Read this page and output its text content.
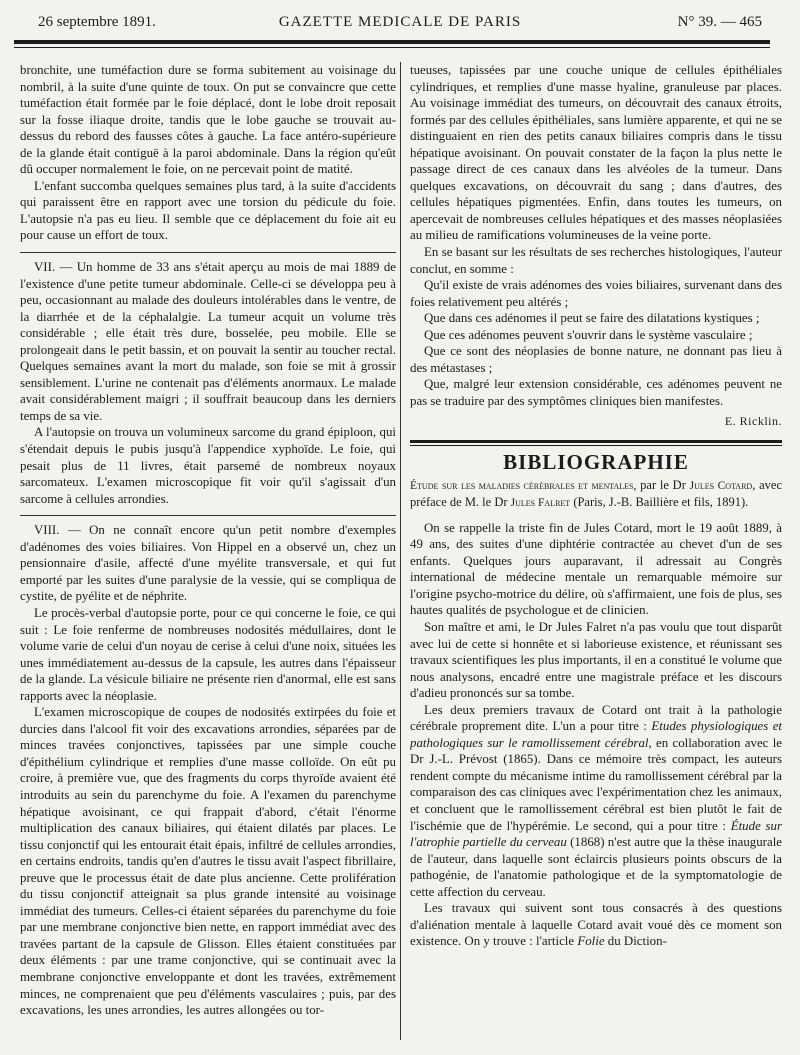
26 septembre 1891.	GAZETTE MEDICALE DE PARIS	N° 39. — 465

bronchite, une tuméfaction dure se forma subitement au voisinage du nombril, à la suite d'une quinte de toux. On put se convaincre que cette tuméfaction était formée par le foie déplacé, dont le lobe droit reposait sur la fosse iliaque droite, tandis que le lobe gauche se trouvait au-dessus du rebord des fausses côtes à gauche. La face antéro-supérieure de la glande était contiguë à la paroi abdominale. Dans la région qu'eût dû occuper normalement le foie, on ne percevait point de matité.

L'enfant succomba quelques semaines plus tard, à la suite d'accidents qui paraissent être en rapport avec une torsion du pédicule du foie. L'autopsie n'a pas eu lieu. Il semble que ce déplacement du foie ait eu pour cause un effort de toux.

VII. — Un homme de 33 ans s'était aperçu au mois de mai 1889 de l'existence d'une petite tumeur abdominale. Celle-ci se développa peu à peu, occasionnant au malade des douleurs intolérables dans le ventre, de la diarrhée et de la céphalalgie. La tumeur acquit un volume très considérable ; elle était très dure, bosselée, peu mobile. Elle se prolongeait dans le petit bassin, et on pouvait la sentir au toucher rectal. Quelques semaines avant la mort du malade, son foie se mit à grossir sensiblement. L'urine ne contenait pas d'éléments anormaux. Le malade avait considérablement maigri ; il souffrait beaucoup dans les derniers temps de sa vie.

A l'autopsie on trouva un volumineux sarcome du grand épiploon, qui s'étendait depuis le pubis jusqu'à l'appendice xyphoïde. Le foie, qui pesait plus de 11 livres, était parsemé de nombreux noyaux sarcomateux. L'examen microscopique fit voir qu'il s'agissait d'un sarcome à cellules arrondies.

VIII. — On ne connaît encore qu'un petit nombre d'exemples d'adénomes des voies biliaires. Von Hippel en a observé un, chez un pensionnaire d'asile, affecté d'une myélite transversale, et qui fut emporté par les suites d'une paralysie de la vessie, qui se compliqua de cystite, de pyélite et de néphrite.

Le procès-verbal d'autopsie porte, pour ce qui concerne le foie, ce qui suit : Le foie renferme de nombreuses nodosités médullaires, dont le volume varie de celui d'un noyau de cerise à celui d'une noix, situées les unes immédiatement au-dessus de la capsule, les autres dans l'épaisseur de la glande. La vésicule biliaire ne présente rien d'anormal, elle est sans rapports avec la néoplasie.

L'examen microscopique de coupes de nodosités extirpées du foie et durcies dans l'alcool fit voir des excavations arrondies, séparées par de minces travées conjonctives, tapissées par une simple couche d'épithélium cylindrique et remplies d'une masse colloïde. On eût pu croire, à première vue, que des fragments du corps thyroïde avaient été introduits au sein du parenchyme du foie. A l'examen du parenchyme hépatique avoisinant, ce qui frappait d'abord, c'était l'énorme multiplication des canaux biliaires, qui étaient dilatés par places. Le tissu conjonctif qui les entourait était épais, infiltré de cellules arrondies, en certains endroits, tandis qu'en d'autres le tissu avait l'aspect fibrillaire, preuve que le processus était de date plus ancienne. Cette prolifération du tissu conjonctif atteignait sa plus grande intensité au voisinage immédiat des tumeurs. Celles-ci étaient séparées du parenchyme du foie par une membrane conjonctive bien nette, en rapport immédiat avec des travées partant de la capsule de Glisson. Elles étaient constituées par deux éléments : par une trame conjonctive, qui se continuait avec la membrane conjonctive enveloppante et dont les travées, extrêmement minces, ne comprenaient que peu d'éléments vasculaires ; puis, par des excavations, les unes arrondies, les autres allongées ou tor-

tueuses, tapissées par une couche unique de cellules épithéliales cylindriques, et remplies d'une masse hyaline, granuleuse par places. Au voisinage immédiat des tumeurs, on découvrait des canaux étroits, formés par des cellules épithéliales, sans lumière apparente, et qui ne se distinguaient en rien des petits canaux biliaires compris dans le tissu hépatique avoisinant. On pouvait constater de la façon la plus nette le passage direct de ces canaux dans les alvéoles de la tumeur. Dans quelques excavations, on découvrait du sang ; dans d'autres, des cellules hépatiques pigmentées. Enfin, dans toutes les tumeurs, on apercevait de nombreuses cellules hépatiques et des masses néoplasiées au milieu de ramifications volumineuses de la veine porte.

En se basant sur les résultats de ses recherches histologiques, l'auteur conclut, en somme :

Qu'il existe de vrais adénomes des voies biliaires, survenant dans des foies relativement peu altérés ;

Que dans ces adénomes il peut se faire des dilatations kystiques ;

Que ces adénomes peuvent s'ouvrir dans le système vasculaire ;

Que ce sont des néoplasies de bonne nature, ne donnant pas lieu à des métastases ;

Que, malgré leur extension considérable, ces adénomes peuvent ne pas se traduire par des symptômes cliniques bien manifestes.

E. Ricklin.

BIBLIOGRAPHIE

Étude sur les maladies cérébrales et mentales, par le Dr Jules Cotard, avec préface de M. le Dr Jules Falret (Paris, J.-B. Baillière et fils, 1891).

On se rappelle la triste fin de Jules Cotard, mort le 19 août 1889, à 49 ans, des suites d'une diphtérie contractée au chevet d'un de ses enfants. Quelques jours auparavant, il adressait au Congrès international de médecine mentale un remarquable mémoire sur l'origine psycho-motrice du délire, où s'affirmaient, une fois de plus, ses hautes qualités de psychologue et de clinicien.

Son maître et ami, le Dr Jules Falret n'a pas voulu que tout disparût avec lui de cette si honnête et si laborieuse existence, et réunissant ses travaux scientifiques les plus importants, il en a constitué le volume que nous analysons, encadré entre une magistrale préface et les discours d'adieu prononcés sur sa tombe.

Les deux premiers travaux de Cotard ont trait à la pathologie cérébrale proprement dite. L'un a pour titre : Etudes physiologiques et pathologiques sur le ramollissement cérébral, en collaboration avec le Dr J.-L. Prévost (1865). Dans ce mémoire très compact, les auteurs rendent compte du mécanisme intime du ramollissement cérébral par la comparaison des cas cliniques avec l'expérimentation chez les animaux, et concluent que le ramollissement cérébral est bien plutôt le fait de l'ischémie que de l'hypérémie. Le second, qui a pour titre : Étude sur l'atrophie partielle du cerveau (1868) n'est autre que la thèse inaugurale de l'auteur, dans laquelle sont éclaircis plusieurs points obscurs de la pathogénie, de l'anatomie pathologique et de la symptomatologie de cette affection du cerveau.

Les travaux qui suivent sont tous consacrés à des questions d'aliénation mentale à laquelle Cotard avait voué dès ce moment son existence. On y trouve : l'article Folie du Diction-
